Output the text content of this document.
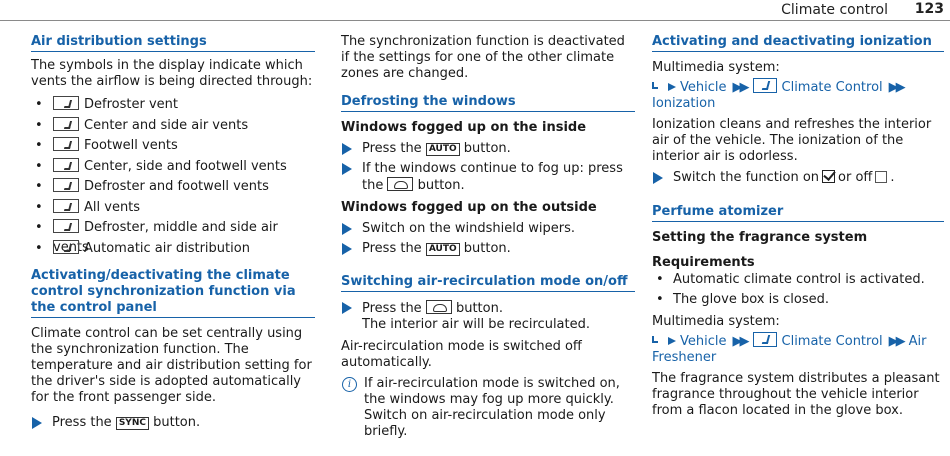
Climate control 123
Air distribution settings

The symbols in the display indicate which vents the airflow is being directed through:

• Defroster vent
• Center and side air vents
• Footwell vents
• Center, side and footwell vents
• Defroster and footwell vents
• All vents
• Defroster, middle and side air vents
• Automatic air distribution
Activating/deactivating the climate control synchronization function via the control panel

Climate control can be set centrally using the synchronization function. The temperature and air distribution setting for the driver's side is adopted automatically for the front passenger side.

Press the SYNC button.

The synchronization function is deactivated if the settings for one of the other climate zones are changed.

Defrosting the windows
Windows fogged up on the inside
Press the AUTO button.
If the windows continue to fog up: press the	button.
Windows fogged up on the outside
Switch on the windshield wipers.
Press the AUTO button.
Switching air-recirculation mode on/off
Press the	button.
The interior air will be recirculated.

Air-recirculation mode is switched off automatically.

i If air-recirculation mode is switched on, the windows may fog up more quickly. Switch on air-recirculation mode only briefly.
Activating and deactivating ionization

Multimedia system:

Vehicle ▶▶	Climate Control ▶▶Ionization

Ionization cleans and refreshes the interior air of the vehicle. The ionization of the interior air is odorless.

Switch the function on or off .
Perfume atomizer
Setting the fragrance system
Requirements
• Automatic climate control is activated.
• The glove box is closed.

Multimedia system:

Vehicle ▶▶	Climate Control ▶▶ Air Freshener

The fragrance system distributes a pleasant fragrance throughout the vehicle interior from a flacon located in the glove box.
